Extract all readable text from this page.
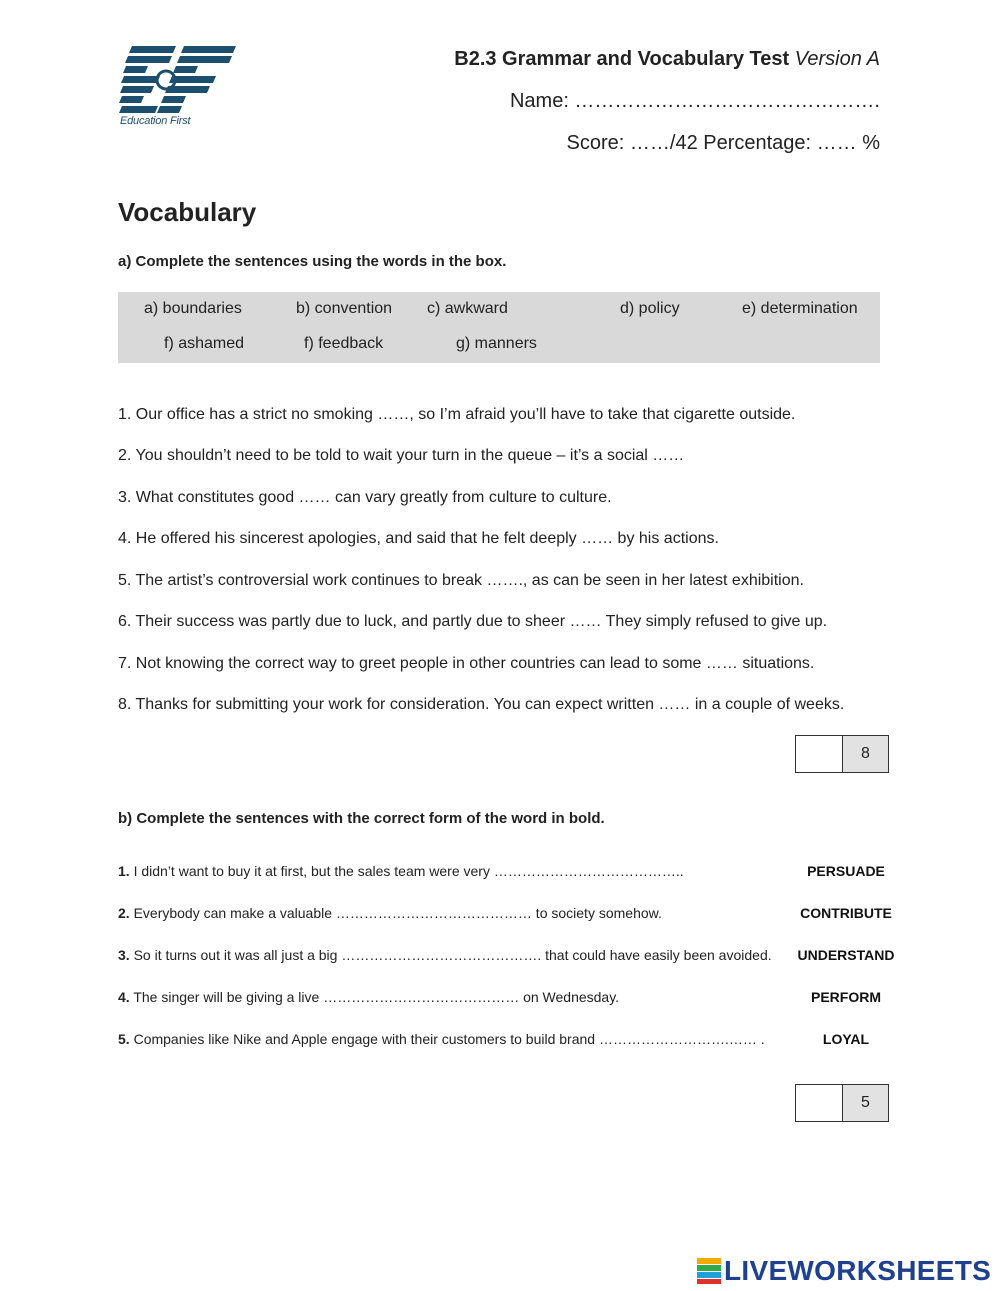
Education First
B2.3 Grammar and Vocabulary Test Version A
Name: ……………………………………….
Score: ……/42 Percentage: …… %
Vocabulary
a) Complete the sentences using the words in the box.
a) boundaries	b) convention c) awkward	d) policy	e) determination
f) ashamed	f) feedback	g) manners
1. Our office has a strict no smoking ……, so I’m afraid you’ll have to take that cigarette outside.
2. You shouldn’t need to be told to wait your turn in the queue – it’s a social ……
3. What constitutes good …… can vary greatly from culture to culture.
4. He offered his sincerest apologies, and said that he felt deeply …… by his actions.
5. The artist’s controversial work continues to break ……., as can be seen in her latest exhibition.
6. Their success was partly due to luck, and partly due to sheer …… They simply refused to give up.
7. Not knowing the correct way to greet people in other countries can lead to some …… situations.
8. Thanks for submitting your work for consideration. You can expect written …… in a couple of weeks.
8
b) Complete the sentences with the correct form of the word in bold.
1. I didn’t want to buy it at first, but the sales team were very …………………………………..	PERSUADE
2. Everybody can make a valuable …………………………………… to society somehow.	CONTRIBUTE
3. So it turns out it was all just a big ……………………………………. that could have easily been avoided.	UNDERSTAND
4. The singer will be giving a live …………………………………… on Wednesday.	PERFORM
5. Companies like Nike and Apple engage with their customers to build brand ……………………….…… .	LOYAL
5
LIVEWORKSHEETS
